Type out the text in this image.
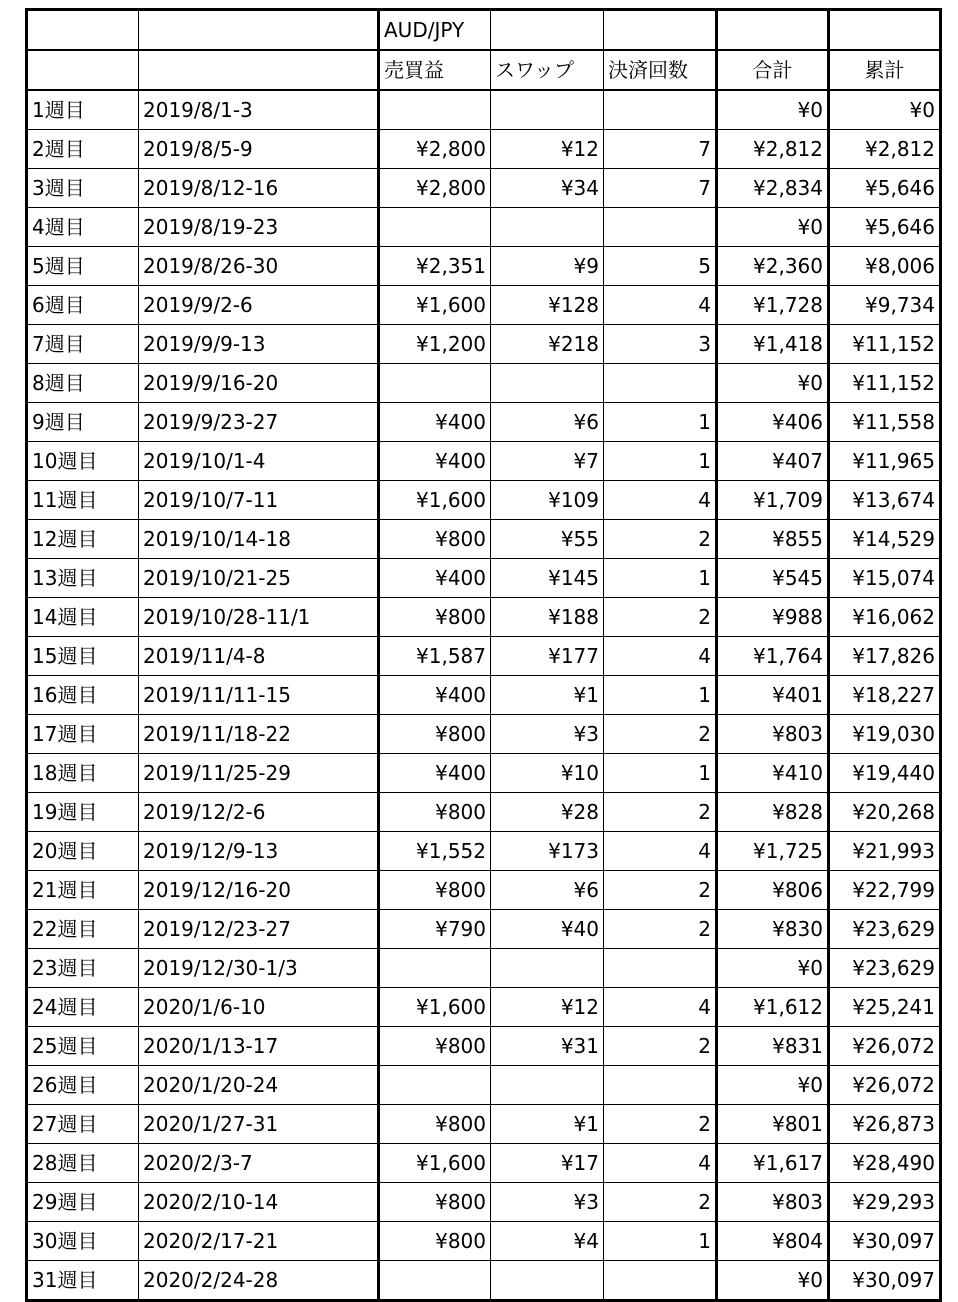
		AUD/JPY				
		売買益	スワップ	決済回数	合計	累計
1週目	2019/8/1-3				¥0	¥0
2週目	2019/8/5-9	¥2,800	¥12	7	¥2,812	¥2,812
3週目	2019/8/12-16	¥2,800	¥34	7	¥2,834	¥5,646
4週目	2019/8/19-23				¥0	¥5,646
5週目	2019/8/26-30	¥2,351	¥9	5	¥2,360	¥8,006
6週目	2019/9/2-6	¥1,600	¥128	4	¥1,728	¥9,734
7週目	2019/9/9-13	¥1,200	¥218	3	¥1,418	¥11,152
8週目	2019/9/16-20				¥0	¥11,152
9週目	2019/9/23-27	¥400	¥6	1	¥406	¥11,558
10週目	2019/10/1-4	¥400	¥7	1	¥407	¥11,965
11週目	2019/10/7-11	¥1,600	¥109	4	¥1,709	¥13,674
12週目	2019/10/14-18	¥800	¥55	2	¥855	¥14,529
13週目	2019/10/21-25	¥400	¥145	1	¥545	¥15,074
14週目	2019/10/28-11/1	¥800	¥188	2	¥988	¥16,062
15週目	2019/11/4-8	¥1,587	¥177	4	¥1,764	¥17,826
16週目	2019/11/11-15	¥400	¥1	1	¥401	¥18,227
17週目	2019/11/18-22	¥800	¥3	2	¥803	¥19,030
18週目	2019/11/25-29	¥400	¥10	1	¥410	¥19,440
19週目	2019/12/2-6	¥800	¥28	2	¥828	¥20,268
20週目	2019/12/9-13	¥1,552	¥173	4	¥1,725	¥21,993
21週目	2019/12/16-20	¥800	¥6	2	¥806	¥22,799
22週目	2019/12/23-27	¥790	¥40	2	¥830	¥23,629
23週目	2019/12/30-1/3				¥0	¥23,629
24週目	2020/1/6-10	¥1,600	¥12	4	¥1,612	¥25,241
25週目	2020/1/13-17	¥800	¥31	2	¥831	¥26,072
26週目	2020/1/20-24				¥0	¥26,072
27週目	2020/1/27-31	¥800	¥1	2	¥801	¥26,873
28週目	2020/2/3-7	¥1,600	¥17	4	¥1,617	¥28,490
29週目	2020/2/10-14	¥800	¥3	2	¥803	¥29,293
30週目	2020/2/17-21	¥800	¥4	1	¥804	¥30,097
31週目	2020/2/24-28				¥0	¥30,097
